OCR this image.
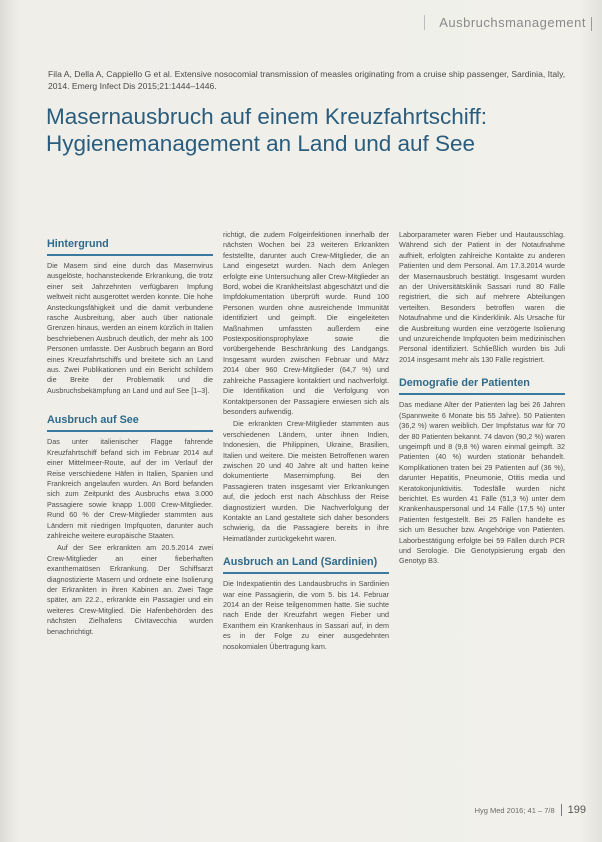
Ausbruchsmanagement
Fila A, Della A, Cappiello G et al. Extensive nosocomial transmission of measles originating from a cruise ship passenger, Sardinia, Italy, 2014. Emerg Infect Dis 2015;21:1444–1446.
Masernausbruch auf einem Kreuzfahrtschiff:
Hygienemanagement an Land und auf See
Hintergrund

Die Masern sind eine durch das Masernvirus ausgelöste, hochansteckende Erkrankung, die trotz einer seit Jahrzehnten verfügbaren Impfung weltweit nicht ausgerottet werden konnte. Die hohe Ansteckungsfähigkeit und die damit verbundene rasche Ausbreitung, aber auch über nationale Grenzen hinaus, werden an einem kürzlich in Italien beschriebenen Ausbruch deutlich, der mehr als 100 Personen umfasste. Der Ausbruch begann an Bord eines Kreuzfahrtschiffs und breitete sich an Land aus. Zwei Publikationen und ein Bericht schildern die Breite der Problematik und die Ausbruchsbekämpfung an Land und auf See [1–3].

Ausbruch auf See

Das unter italienischer Flagge fahrende Kreuzfahrtschiff befand sich im Februar 2014 auf einer Mittelmeer-Route, auf der im Verlauf der Reise verschiedene Häfen in Italien, Spanien und Frankreich angelaufen wurden. An Bord befanden sich zum Zeitpunkt des Ausbruchs etwa 3.000 Passagiere sowie knapp 1.000 Crew-Mitglieder. Rund 60 % der Crew-Mitglieder stammten aus Ländern mit niedrigen Impfquoten, darunter auch zahlreiche weitere europäische Staaten.

Auf der See erkrankten am 20.5.2014 zwei Crew-Mitglieder an einer fieberhaften exanthematösen Erkrankung. Der Schiffsarzt diagnostizierte Masern und ordnete eine Isolierung der Erkrankten in ihren Kabinen an. Zwei Tage später, am 22.2., erkrankte ein Passagier und ein weiteres Crew-Mitglied. Die Hafenbehörden des nächsten Zielhafens Civitavecchia wurden benachrichtigt.

richtigt, die zudem Folgeinfektionen innerhalb der nächsten Wochen bei 23 weiteren Erkrankten feststellte, darunter auch Crew-Mitglieder, die an Land eingesetzt wurden. Nach dem Anlegen erfolgte eine Untersuchung aller Crew-Mitglieder an Bord, wobei die Krankheitslast abgeschätzt und die Impfdokumentation überprüft wurde. Rund 100 Personen wurden ohne ausreichende Immunität identifiziert und geimpft. Die eingeleiteten Maßnahmen umfassten außerdem eine Postexpositionsprophylaxe sowie die vorübergehende Beschränkung des Landgangs. Insgesamt wurden zwischen Februar und März 2014 über 960 Crew-Mitglieder (64,7 %) und zahlreiche Passagiere kontaktiert und nachverfolgt. Die Identifikation und die Verfolgung von Kontaktpersonen der Passagiere erwiesen sich als besonders aufwendig.

Die erkrankten Crew-Mitglieder stammten aus verschiedenen Ländern, unter ihnen Indien, Indonesien, die Philippinen, Ukraine, Brasilien, Italien und weitere. Die meisten Betroffenen waren zwischen 20 und 40 Jahre alt und hatten keine dokumentierte Masernimpfung. Bei den Passagieren traten insgesamt vier Erkrankungen auf, die jedoch erst nach Abschluss der Reise diagnostiziert wurden. Die Nachverfolgung der Kontakte an Land gestaltete sich daher besonders schwierig, da die Passagiere bereits in ihre Heimatländer zurückgekehrt waren.

Ausbruch an Land (Sardinien)

Die Indexpatientin des Landausbruchs in Sardinien war eine Passagierin, die vom 5. bis 14. Februar 2014 an der Reise teilgenommen hatte. Sie suchte nach Ende der Kreuzfahrt wegen Fieber und Exanthem ein Krankenhaus in Sassari auf, in dem es in der Folge zu einer ausgedehnten nosokomialen Übertragung kam.

Laborparameter waren Fieber und Hautausschlag. Während sich der Patient in der Notaufnahme aufhielt, erfolgten zahlreiche Kontakte zu anderen Patienten und dem Personal. Am 17.3.2014 wurde der Masernausbruch bestätigt. Insgesamt wurden an der Universitätsklinik Sassari rund 80 Fälle registriert, die sich auf mehrere Abteilungen verteilten. Besonders betroffen waren die Notaufnahme und die Kinderklinik. Als Ursache für die Ausbreitung wurden eine verzögerte Isolierung und unzureichende Impfquoten beim medizinischen Personal identifiziert. Schließlich wurden bis Juli 2014 insgesamt mehr als 130 Fälle registriert.

Demografie der Patienten

Das mediane Alter der Patienten lag bei 26 Jahren (Spannweite 6 Monate bis 55 Jahre). 50 Patienten (36,2 %) waren weiblich. Der Impfstatus war für 70 der 80 Patienten bekannt. 74 davon (90,2 %) waren ungeimpft und 8 (9,8 %) waren einmal geimpft. 32 Patienten (40 %) wurden stationär behandelt. Komplikationen traten bei 29 Patienten auf (36 %), darunter Hepatitis, Pneumonie, Otitis media und Keratokonjunktivitis. Todesfälle wurden nicht berichtet. Es wurden 41 Fälle (51,3 %) unter dem Krankenhauspersonal und 14 Fälle (17,5 %) unter Patienten festgestellt. Bei 25 Fällen handelte es sich um Besucher bzw. Angehörige von Patienten. Laborbestätigung erfolgte bei 59 Fällen durch PCR und Serologie. Die Genotypisierung ergab den Genotyp B3.

Hyg Med 2016; 41 – 7/8 199
